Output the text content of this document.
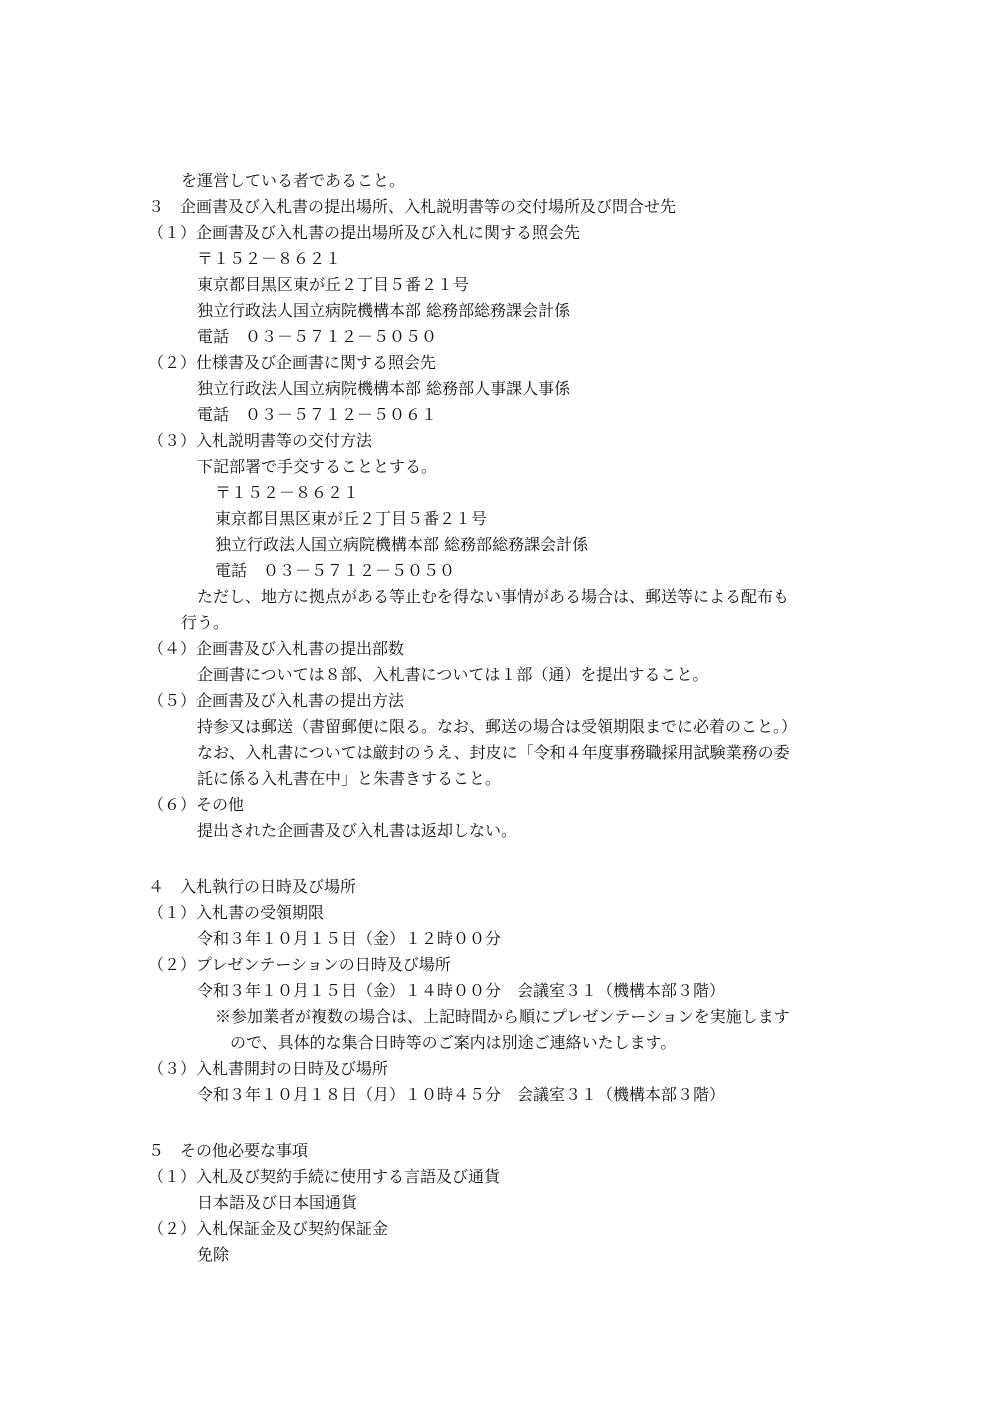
を運営している者であること。
３　企画書及び入札書の提出場所、入札説明書等の交付場所及び問合せ先
（１）企画書及び入札書の提出場所及び入札に関する照会先
〒１５２－８６２１
東京都目黒区東が丘２丁目５番２１号
独立行政法人国立病院機構本部 総務部総務課会計係
電話　０３－５７１２－５０５０
（２）仕様書及び企画書に関する照会先
独立行政法人国立病院機構本部 総務部人事課人事係
電話　０３－５７１２－５０６１
（３）入札説明書等の交付方法
下記部署で手交することとする。
〒１５２－８６２１
東京都目黒区東が丘２丁目５番２１号
独立行政法人国立病院機構本部 総務部総務課会計係
電話　０３－５７１２－５０５０
ただし、地方に拠点がある等止むを得ない事情がある場合は、郵送等による配布も
行う。
（４）企画書及び入札書の提出部数
企画書については８部、入札書については１部（通）を提出すること。
（５）企画書及び入札書の提出方法
持参又は郵送（書留郵便に限る。なお、郵送の場合は受領期限までに必着のこと。）
なお、入札書については厳封のうえ、封皮に「令和４年度事務職採用試験業務の委
託に係る入札書在中」と朱書きすること。
（６）その他
提出された企画書及び入札書は返却しない。
４　入札執行の日時及び場所
（１）入札書の受領期限
令和３年１０月１５日（金）１２時００分
（２）プレゼンテーションの日時及び場所
令和３年１０月１５日（金）１４時００分　会議室３１（機構本部３階）
※参加業者が複数の場合は、上記時間から順にプレゼンテーションを実施します
ので、具体的な集合日時等のご案内は別途ご連絡いたします。
（３）入札書開封の日時及び場所
令和３年１０月１８日（月）１０時４５分　会議室３１（機構本部３階）
５　その他必要な事項
（１）入札及び契約手続に使用する言語及び通貨
日本語及び日本国通貨
（２）入札保証金及び契約保証金
免除
